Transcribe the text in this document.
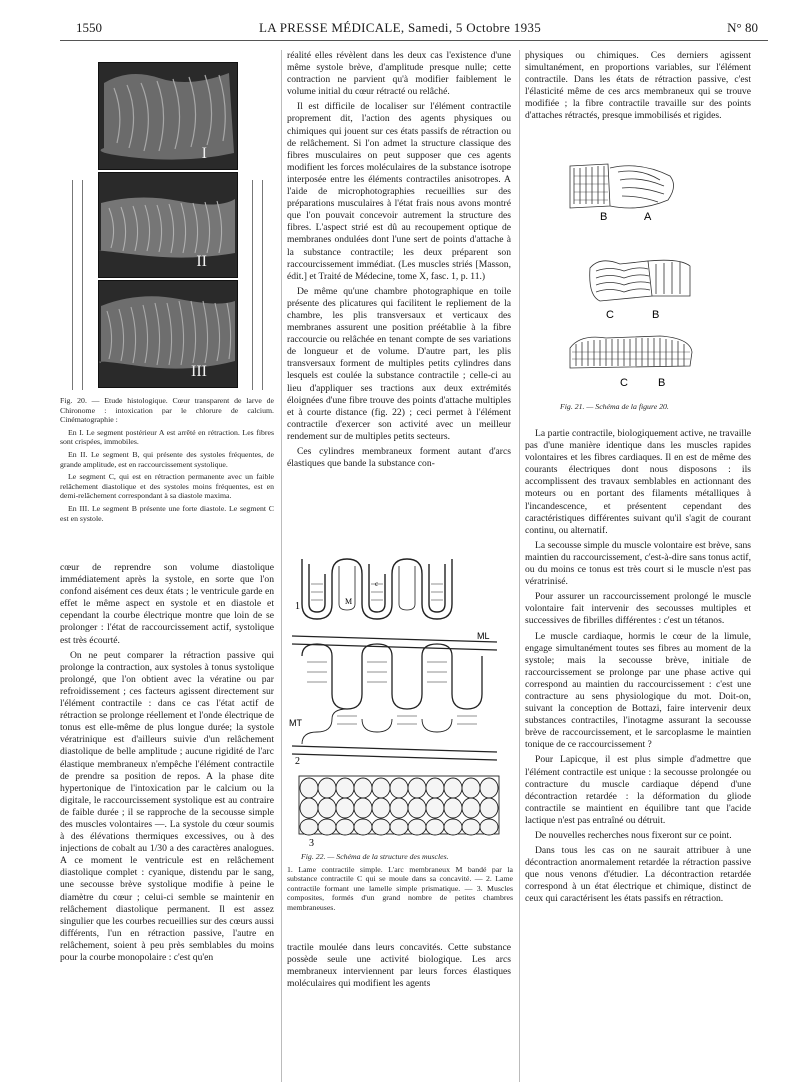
1550	LA PRESSE MÉDICALE, Samedi, 5 Octobre 1935	N° 80
I
II
III

Fig. 20. — Etude histologique. Cœur transparent de larve de Chironome : intoxication par le chlorure de calcium. Cinématographie :

En I. Le segment postérieur A est arrêté en rétraction. Les fibres sont crispées, immobiles.

En II. Le segment B, qui présente des systoles fréquentes, de grande amplitude, est en raccourcissement systolique.

Le segment C, qui est en rétraction permanente avec un faible relâchement diastolique et des systoles moins fréquentes, est en demi-relâchement correspondant à sa diastole maxima.

En III. Le segment B présente une forte diastole. Le segment C est en systole.

cœur de reprendre son volume diastolique immédiatement après la systole, en sorte que l'on confond aisément ces deux états ; le ventricule garde en effet le même aspect en systole et en diastole et cependant la courbe électrique montre que loin de se prolonger : l'état de raccourcissement actif, systolique est très écourté.

On ne peut comparer la rétraction passive qui prolonge la contraction, aux systoles à tonus systolique prolongé, que l'on obtient avec la vératine ou par refroidissement ; ces facteurs agissent directement sur l'élément contractile : dans ce cas l'état actif de rétraction se prolonge réellement et l'onde électrique de tonus est elle-même de plus longue durée; la systole vératrinique est d'ailleurs suivie d'un relâchement diastolique de belle amplitude ; aucune rigidité de l'arc élastique membraneux n'empêche l'élément contractile de prendre sa position de repos. A la phase dite hypertonique de l'intoxication par le calcium ou la digitale, le raccourcissement systolique est au contraire de faible durée ; il se rapproche de la secousse simple des muscles volontaires —. La systole du cœur soumis à des élévations thermiques excessives, ou à des injections de cobalt au 1/30 a des caractères analogues. A ce moment le ventricule est en relâchement diastolique complet : cyanique, distendu par le sang, une secousse brève systolique modifie à peine le diamètre du cœur ; celui-ci semble se maintenir en relâchement diastolique permanent. Il est assez singulier que les courbes recueillies sur des cœurs aussi différents, l'un en rétraction passive, l'autre en relâchement, soient à peu près semblables du moins pour la courbe monopolaire : c'est qu'en

réalité elles révèlent dans les deux cas l'existence d'une même systole brève, d'amplitude presque nulle; cette contraction ne parvient qu'à modifier faiblement le volume initial du cœur rétracté ou relâché.

Il est difficile de localiser sur l'élément contractile proprement dit, l'action des agents physiques ou chimiques qui jouent sur ces états passifs de rétraction ou de relâchement. Si l'on admet la structure classique des fibres musculaires on peut supposer que ces agents modifient les forces moléculaires de la substance isotrope interposée entre les éléments contractiles anisotropes. A l'aide de microphotographies recueillies sur des préparations musculaires à l'état frais nous avons montré que l'on pouvait concevoir autrement la structure des fibres. L'aspect strié est dû au recoupement optique de membranes ondulées dont l'une sert de points d'attache à la substance contractile; les deux préparent son raccourcissement immédiat. (Les muscles striés [Masson, édit.] et Traité de Médecine, tome X, fasc. 1, p. 11.)

De même qu'une chambre photographique en toile présente des plicatures qui facilitent le repliement de la chambre, les plis transversaux et verticaux des membranes assurent une position préétablie à la fibre raccourcie ou relâchée en tenant compte de ses variations de longueur et de volume. D'autre part, les plis transversaux forment de multiples petits cylindres dans lesquels est coulée la substance contractile ; celle-ci au lieu d'appliquer ses tractions aux deux extrémités éloignées d'une fibre trouve des points d'attache multiples et à courte distance (fig. 22) ; ceci permet à l'élément contractile d'exercer son activité avec un meilleur rendement sur de multiples petits secteurs.

Ces cylindres membraneux forment autant d'arcs élastiques que bande la substance con-

1	M
c
ML
MT
2
3

Fig. 22. — Schéma de la structure des muscles.

1. Lame contractile simple. L'arc membraneux M bandé par la substance contractile C qui se moule dans sa concavité. — 2. Lame contractile formant une lamelle simple prismatique. — 3. Muscles composites, formés d'un grand nombre de petites chambres membraneuses.

tractile moulée dans leurs concavités. Cette substance possède seule une activité biologique. Les arcs membraneux interviennent par leurs forces élastiques moléculaires qui modifient les agents

physiques ou chimiques. Ces derniers agissent simultanément, en proportions variables, sur l'élément contractile. Dans les états de rétraction passive, c'est l'élasticité même de ces arcs membraneux qui se trouve modifiée ; la fibre contractile travaille sur des points d'attaches rétractés, presque immobilisés et rigides.

B	A
C	B
C	B

Fig. 21. — Schéma de la figure 20.

La partie contractile, biologiquement active, ne travaille pas d'une manière identique dans les muscles rapides volontaires et les fibres cardiaques. Il en est de même des courants électriques dont nous disposons : ils accomplissent des travaux semblables en actionnant des moteurs ou en portant des filaments métalliques à l'incandescence, et présentent cependant des caractéristiques différentes suivant qu'il s'agit de courant continu, ou alternatif.

La secousse simple du muscle volontaire est brève, sans maintien du raccourcissement, c'est-à-dire sans tonus actif, ou du moins ce tonus est très court si le muscle n'est pas vératrinisé.

Pour assurer un raccourcissement prolongé le muscle volontaire fait intervenir des secousses multiples et successives de fibrilles différentes : c'est un tétanos.

Le muscle cardiaque, hormis le cœur de la limule, engage simultanément toutes ses fibres au moment de la systole; mais la secousse brève, initiale de raccourcissement se prolonge par une phase active qui correspond au maintien du raccourcissement : c'est une contracture au sens physiologique du mot. Doit-on, suivant la conception de Bottazi, faire intervenir deux substances contractiles, l'inotagme assurant la secousse brève de raccourcissement, et le sarcoplasme le maintien tonique de ce raccourcissement ?

Pour Lapicque, il est plus simple d'admettre que l'élément contractile est unique : la secousse prolongée ou contracture du muscle cardiaque dépend d'une décontraction retardée : la déformation du gliode contractile se maintient en équilibre tant que l'acide lactique n'est pas entraîné ou détruit.

De nouvelles recherches nous fixeront sur ce point.

Dans tous les cas on ne saurait attribuer à une décontraction anormalement retardée la rétraction passive que nous venons d'étudier. La décontraction retardée correspond à un état électrique et chimique, distinct de ceux qui caractérisent les états passifs en rétraction.
